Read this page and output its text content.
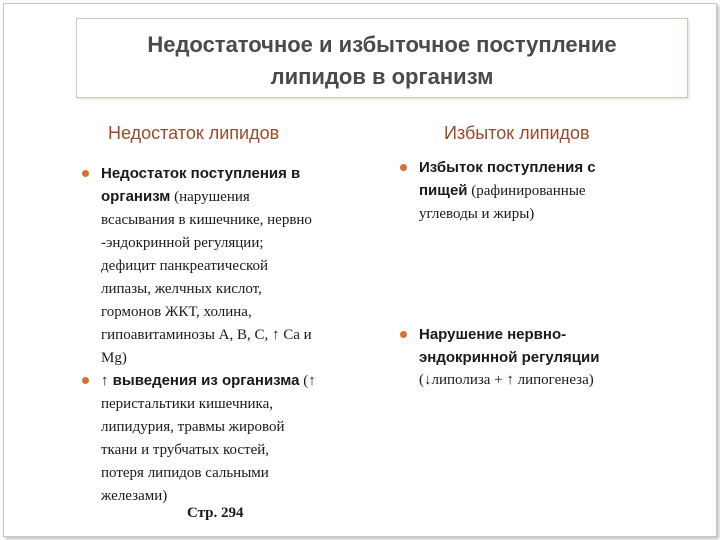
Недостаточное и избыточное поступление
липидов в организм
Недостаток липидов	Избыток липидов
Недостаток поступления в
организм (нарушения
всасывания в кишечнике, нервно
-эндокринной регуляции;
дефицит панкреатической
липазы, желчных кислот,
гормонов ЖКТ, холина,
гипоавитаминозы А, В, С, ↑ Са и
Mg)
↑ выведения из организма (↑
перистальтики кишечника,
липидурия, травмы жировой
ткани и трубчатых костей,
потеря липидов сальными
железами)
Избыток поступления с
пищей (рафинированные
углеводы и жиры)
Нарушение нервно-
эндокринной регуляции
(↓липолиза + ↑ липогенеза)
Стр. 294
